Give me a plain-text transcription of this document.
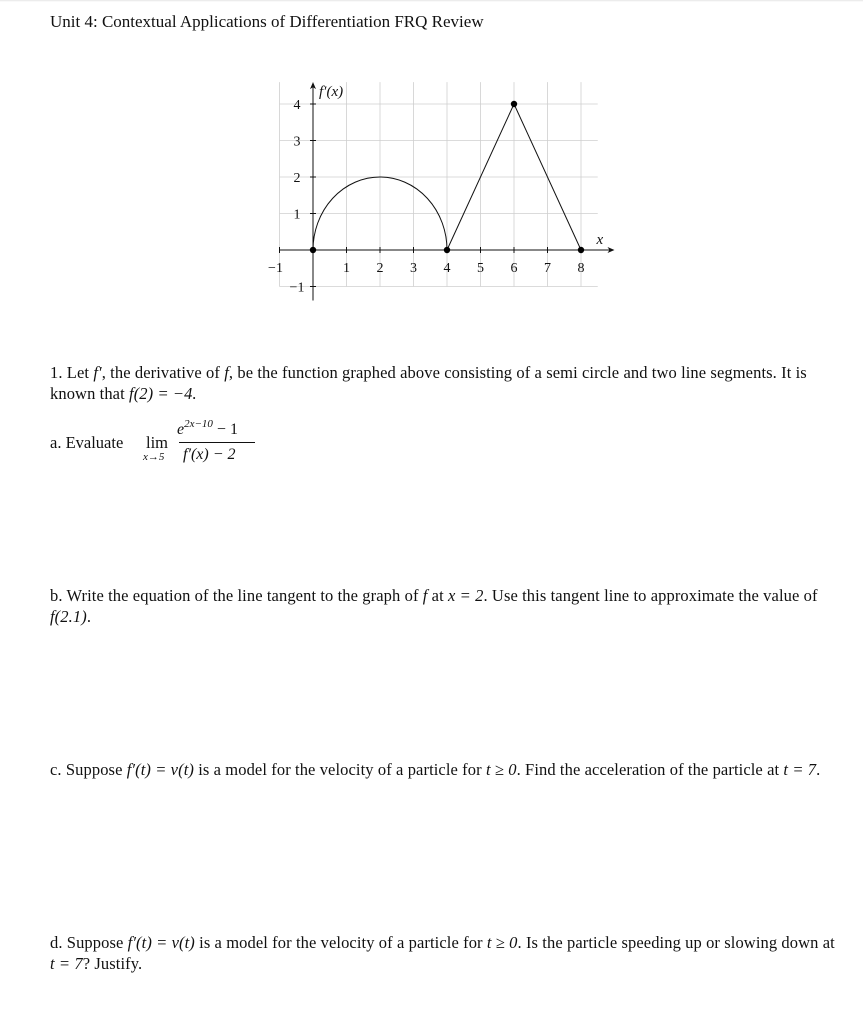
Unit 4: Contextual Applications of Differentiation FRQ Review
−1	1 2 3 4 5 6 7 8
4
3
2
1
−1
f′(x)
x
1. Let f′, the derivative of f, be the function graphed above consisting of a semi circle and two line segments. It is known that f(2) = −4.
a. Evaluate lim
x→5
$e^{2x-10} - 1$
f′(x) − 2
b. Write the equation of the line tangent to the graph of f at x = 2. Use this tangent line to approximate the value of f(2.1).
c. Suppose f′(t) = v(t) is a model for the velocity of a particle for t ≥ 0. Find the acceleration of the particle at t = 7.
d. Suppose f′(t) = v(t) is a model for the velocity of a particle for t ≥ 0. Is the particle speeding up or slowing down at t = 7? Justify.
